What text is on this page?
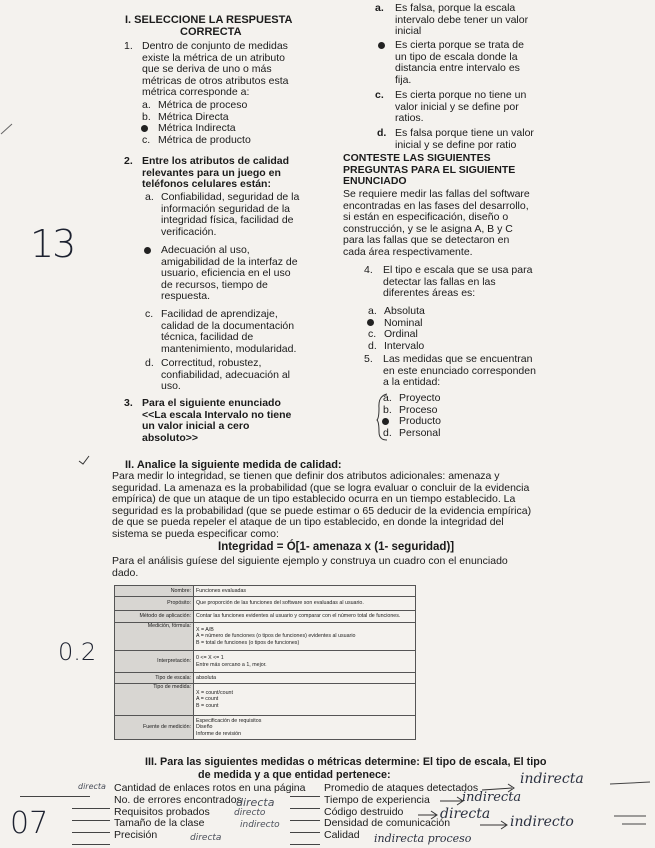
I. SELECCIONE LA RESPUESTA
CORRECTA
1. Dentro de conjunto de medidas
existe la métrica de un atributo
que se deriva de uno o más
métricas de otros atributos esta
métrica corresponde a:
a. Métrica de proceso
b. Métrica Directa
Métrica Indirecta
c. Métrica de producto
2. Entre los atributos de calidad
relevantes para un juego en
teléfonos celulares están:
a. Confiabilidad, seguridad de la
información seguridad de la
integridad física, facilidad de
verificación.
Adecuación al uso,
amigabilidad de la interfaz de
usuario, eficiencia en el uso
de recursos, tiempo de
respuesta.
c. Facilidad de aprendizaje,
calidad de la documentación
técnica, facilidad de
mantenimiento, modularidad.
d. Correctitud, robustez,
confiabilidad, adecuación al
uso.
3. Para el siguiente enunciado
<<La escala Intervalo no tiene
un valor inicial a cero
absoluto>>
a. Es falsa, porque la escala
intervalo debe tener un valor
inicial
Es cierta porque se trata de
un tipo de escala donde la
distancia entre intervalo es
fija.
c. Es cierta porque no tiene un
valor inicial y se define por
ratios.
d. Es falsa porque tiene un valor
inicial y se define por ratio
CONTESTE LAS SIGUIENTES
PREGUNTAS PARA EL SIGUIENTE
ENUNCIADO
Se requiere medir las fallas del software
encontradas en las fases del desarrollo,
si están en especificación, diseño o
construcción, y se le asigna A, B y C
para las fallas que se detectaron en
cada área respectivamente.
4. El tipo e escala que se usa para
detectar las fallas en las
diferentes áreas es:
a. Absoluta
Nominal
c. Ordinal
d. Intervalo
5. Las medidas que se encuentran
en este enunciado corresponden
a la entidad:
a. Proyecto
b. Proceso
Producto
d. Personal
II. Analice la siguiente medida de calidad:
Para medir lo integridad, se tienen que definir dos atributos adicionales: amenaza y
seguridad. La amenaza es la probabilidad (que se logra evaluar o concluir de la evidencia
empírica) de que un ataque de un tipo establecido ocurra en un tiempo establecido. La
seguridad es la probabilidad (que se puede estimar o 65 deducir de la evidencia empírica)
de que se pueda repeler el ataque de un tipo establecido, en donde la integridad del
sistema se pueda especificar como:
Integridad = Ó[1- amenaza x (1- seguridad)]
Para el análisis guíese del siguiente ejemplo y construya un cuadro con el enunciado
dado.
Nombre:	Funciones evaluadas
Propósito:	Que proporción de las funciones del software son evaluadas al usuario.
Método de aplicación:	Contar las funciones evidentes al usuario y comparar con el número total de funciones.
Medición, fórmula:	X = A/B
A = número de funciones (o tipos de funciones) evidentes al usuario
B = total de funciones (o tipos de funciones)

Interpretación:	0 <= X <= 1
Entre más cercano a 1, mejor.

Tipo de escala:	absoluta
Tipo de medida:	X = count/count
A = count
B = count

Fuente de medición:	Especificación de requisitos
Diseño
Informe de revisión
III. Para las siguientes medidas o métricas determine: El tipo de escala, El tipo
de medida y a que entidad pertenece:
Cantidad de enlaces rotos en una página
No. de errores encontrados
Requisitos probados
Tamaño de la clase
Precisión
Promedio de ataques detectados
Tiempo de experiencia
Código destruido
Densidad de comunicación
Calidad
directa
directa
directo
indirecto
directa
indirecta
indirecta
directa indirecto
indirecta proceso
13
0.2
07
